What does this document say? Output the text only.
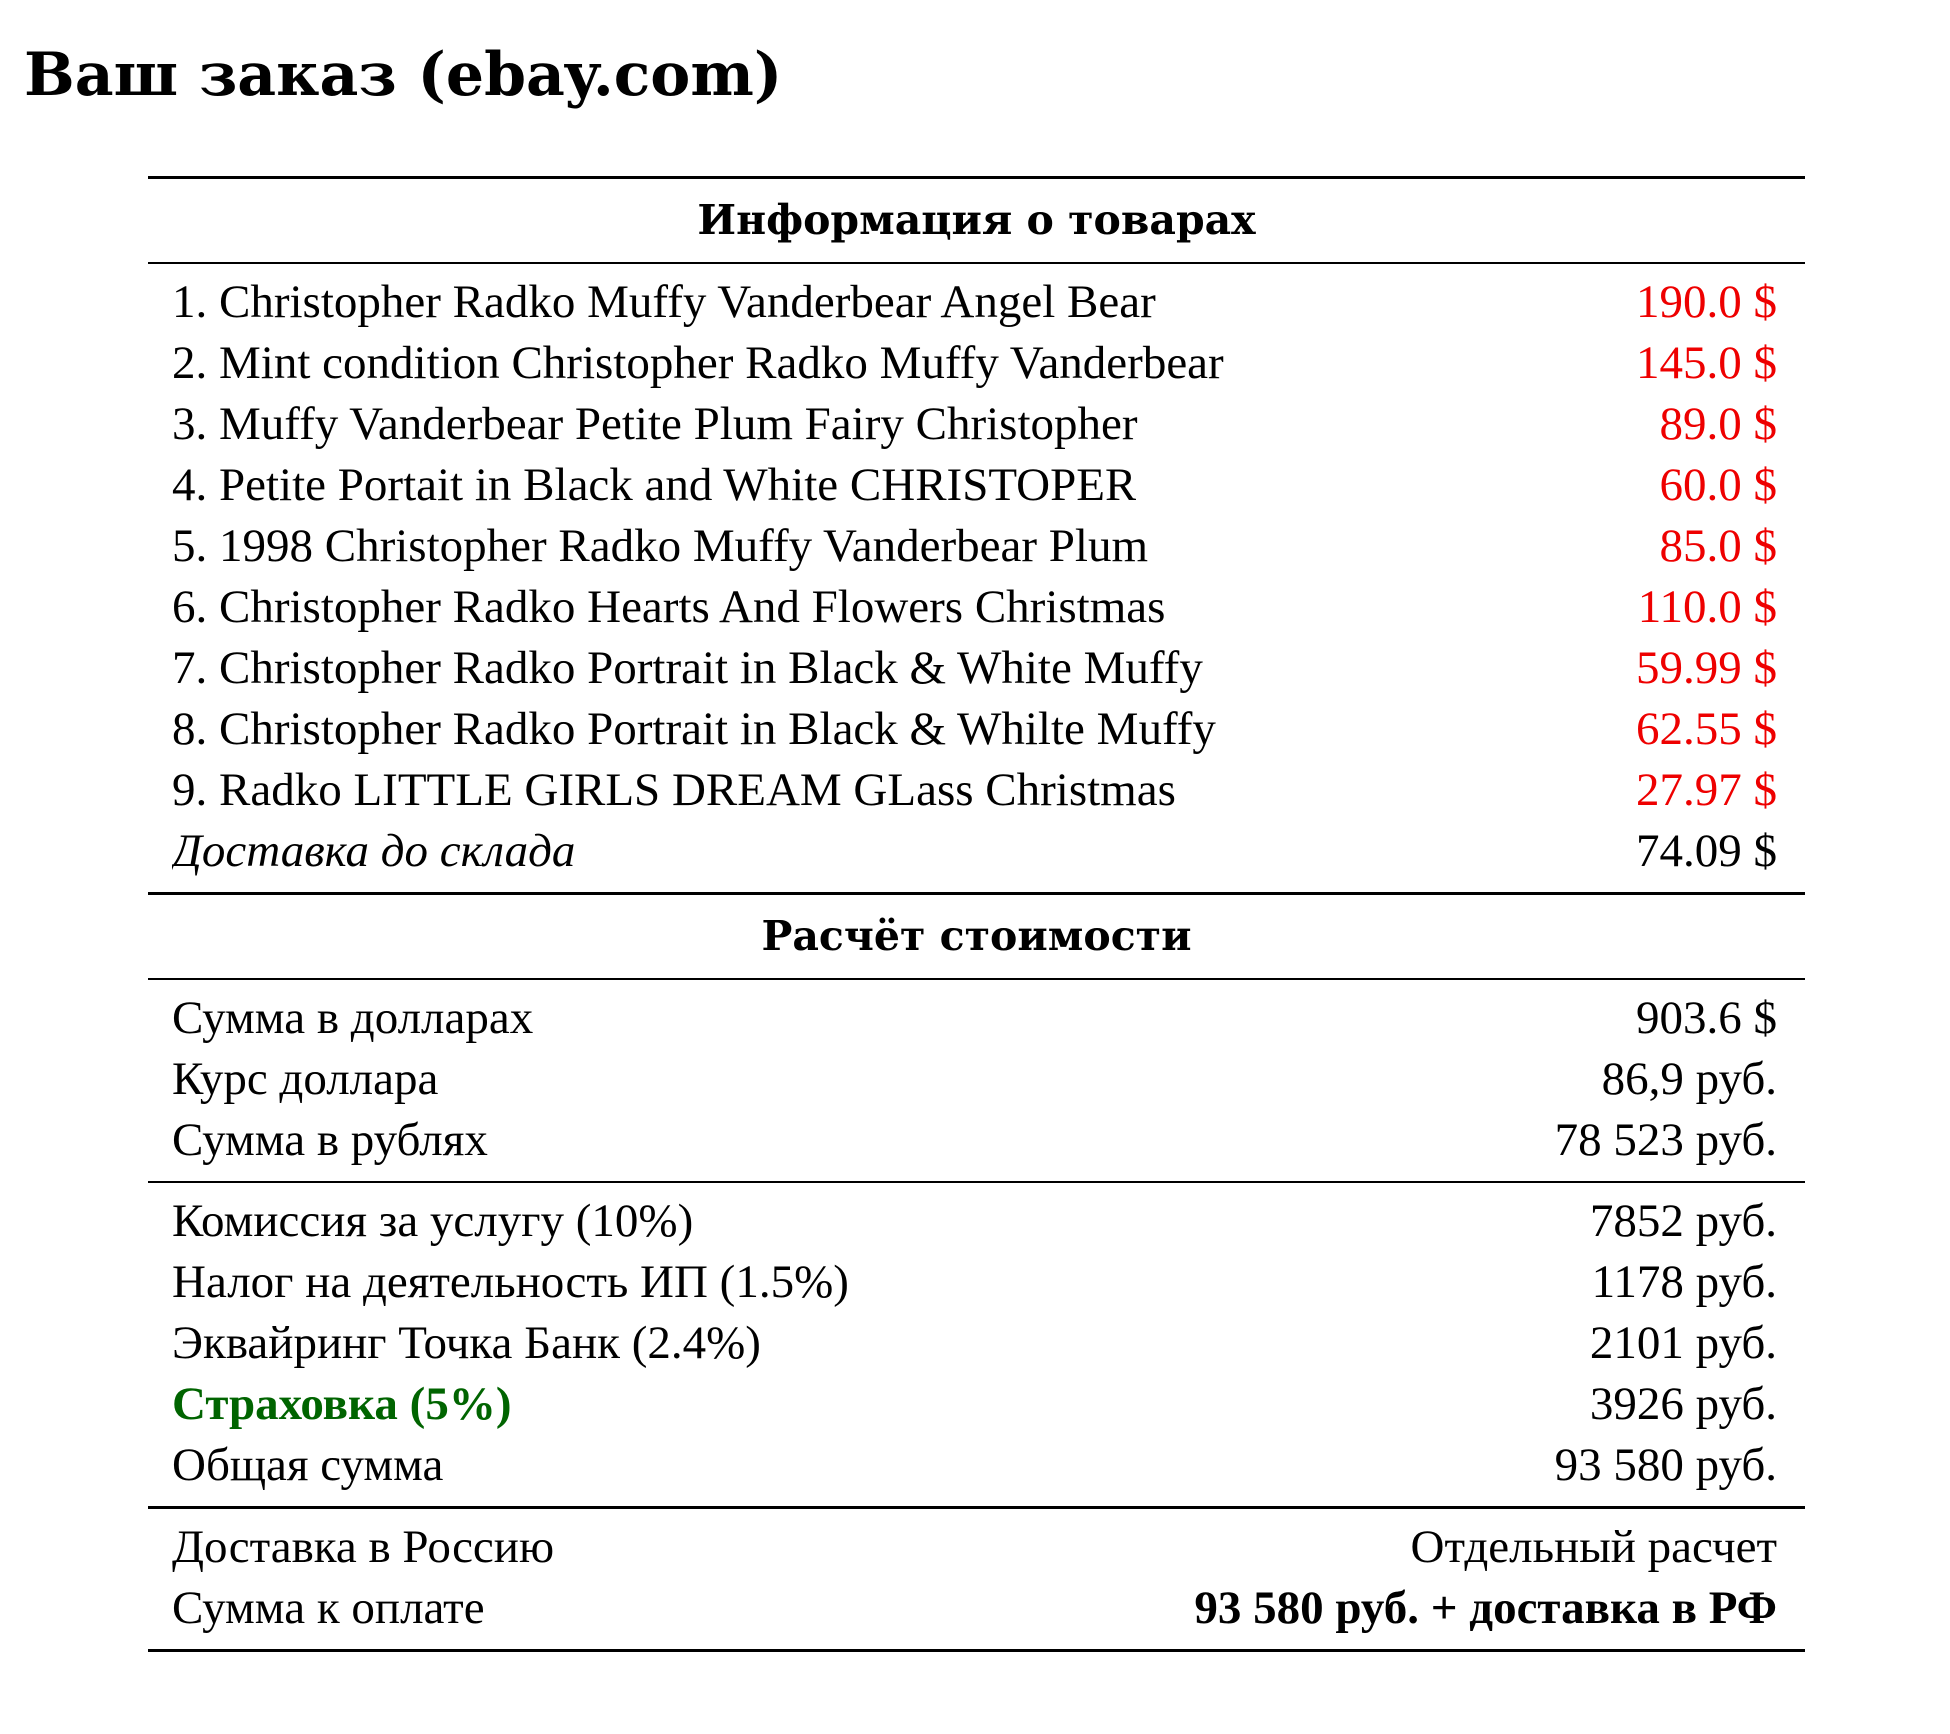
Ваш заказ (ebay.com)
Информация о товарах
1. Christopher Radko Muffy Vanderbear Angel Bear	190.0 $
2. Mint condition Christopher Radko Muffy Vanderbear	145.0 $
3. Muffy Vanderbear Petite Plum Fairy Christopher	89.0 $
4. Petite Portait in Black and White CHRISTOPER	60.0 $
5. 1998 Christopher Radko Muffy Vanderbear Plum	85.0 $
6. Christopher Radko Hearts And Flowers Christmas	110.0 $
7. Christopher Radko Portrait in Black & White Muffy	59.99 $
8. Christopher Radko Portrait in Black & Whilte Muffy	62.55 $
9. Radko LITTLE GIRLS DREAM GLass Christmas	27.97 $
Доставка до склада	74.09 $
Расчёт стоимости
Сумма в долларах	903.6 $
Курс доллара	86,9 руб.
Сумма в рублях	78 523 руб.
Комиссия за услугу (10%)	7852 руб.
Налог на деятельность ИП (1.5%)	1178 руб.
Эквайринг Точка Банк (2.4%)	2101 руб.
Страховка (5%)	3926 руб.
Общая сумма	93 580 руб.
Доставка в Россию	Отдельный расчет
Сумма к оплате	93 580 руб. + доставка в РФ
